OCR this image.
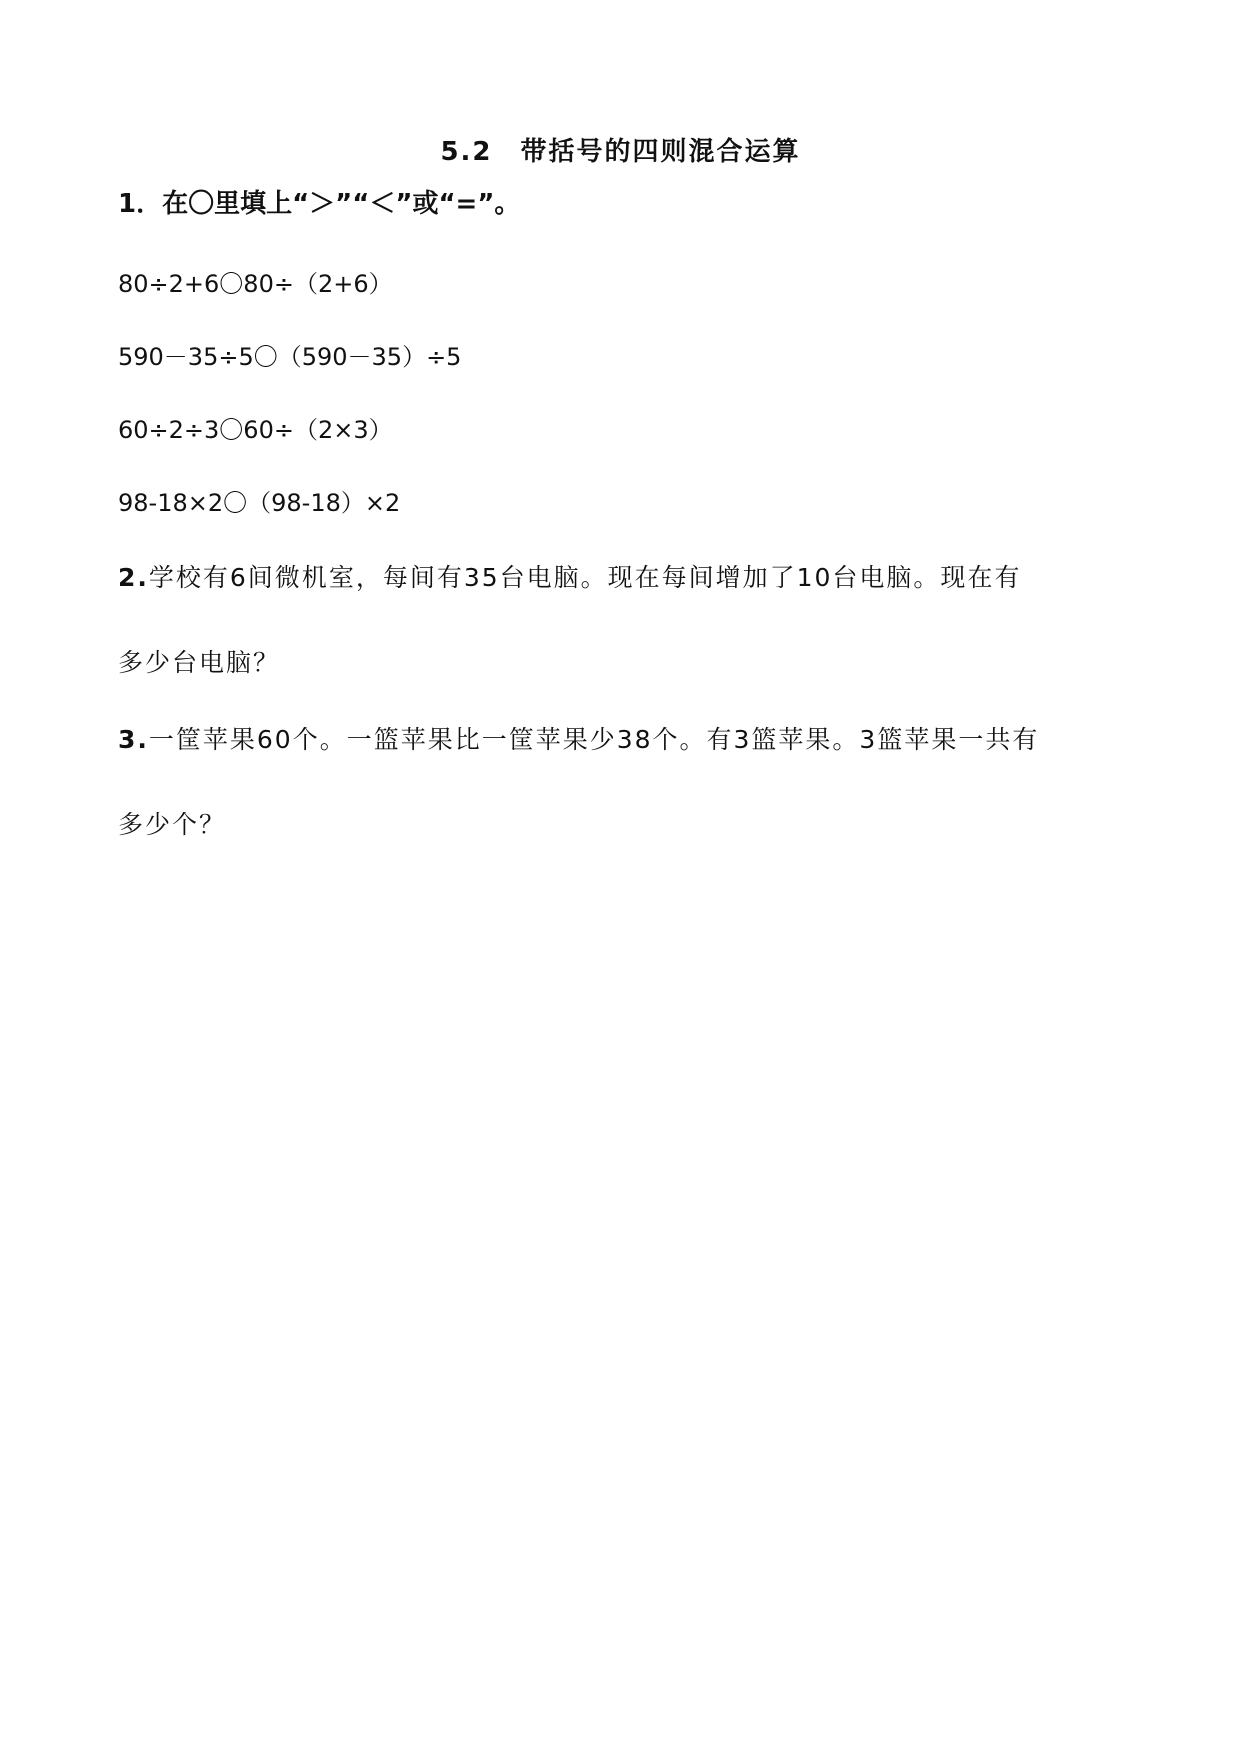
5.2　带括号的四则混合运算
1．在〇里填上“＞”“＜”或“=”。
80÷2+6〇80÷（2+6）
590－35÷5〇（590－35）÷5
60÷2÷3〇60÷（2×3）
98-18×2〇（98-18）×2
2.学校有6间微机室，每间有35台电脑。现在每间增加了10台电脑。现在有
多少台电脑？
3.一筐苹果60个。一篮苹果比一筐苹果少38个。有3篮苹果。3篮苹果一共有
多少个？
